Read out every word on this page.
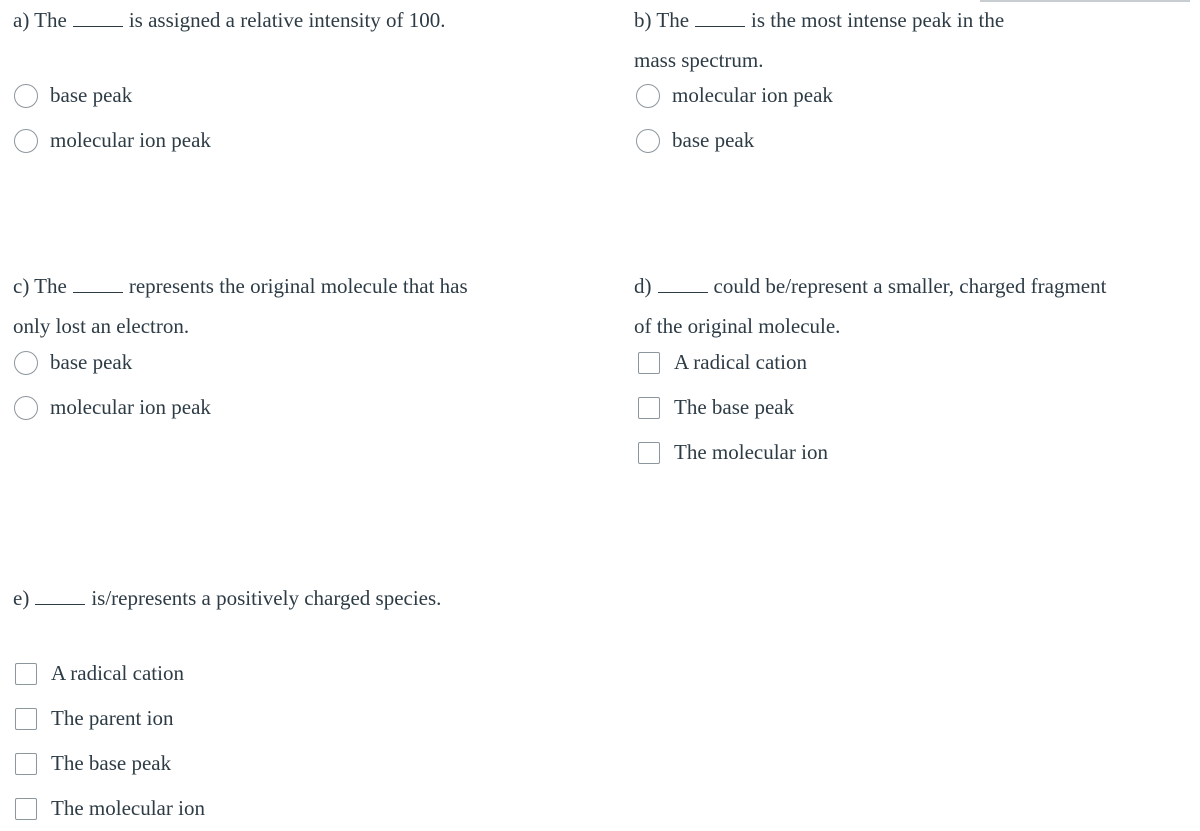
a) The	is assigned a relative intensity of 100.

base peak
molecular ion peak

b) The	is the most intense peak in the

mass spectrum.

molecular ion peak
base peak

c) The	represents the original molecule that has

only lost an electron.

base peak
molecular ion peak

d)	could be/represent a smaller, charged fragment

of the original molecule.

A radical cation
The base peak
The molecular ion

e)	is/represents a positively charged species.

A radical cation
The parent ion
The base peak
The molecular ion
